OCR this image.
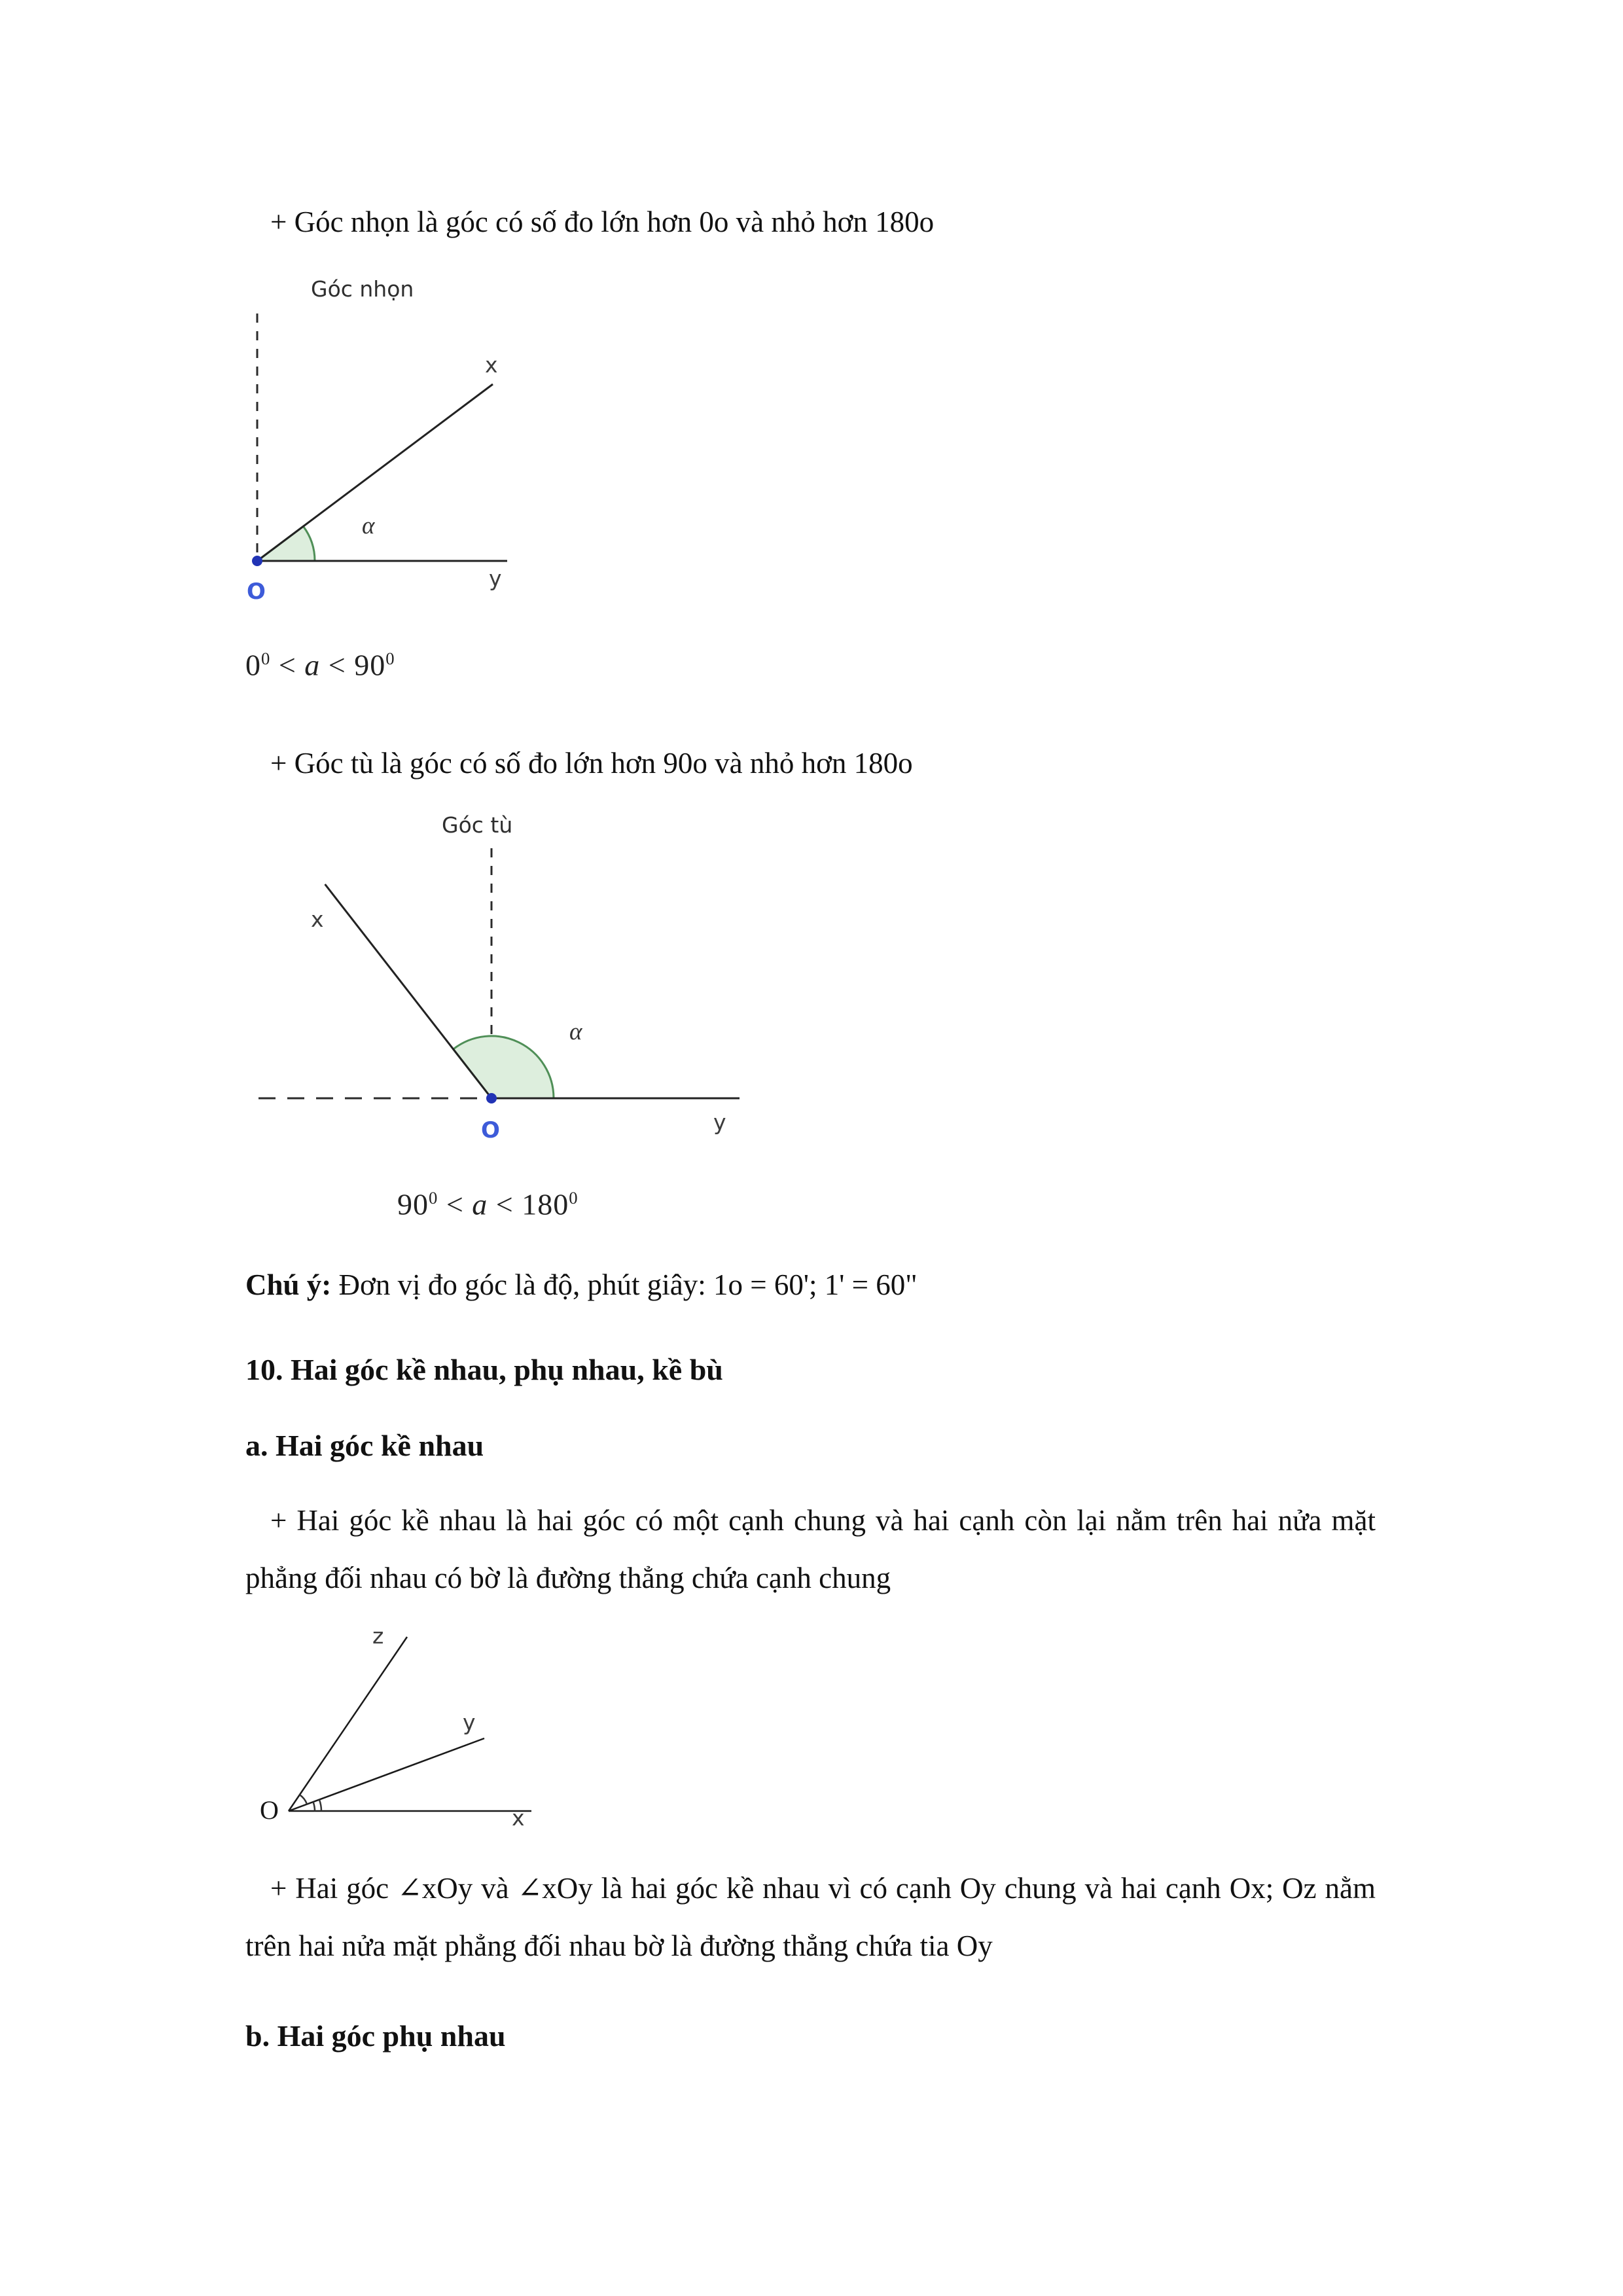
+ Góc nhọn là góc có số đo lớn hơn 0o và nhỏ hơn 180o

Góc nhọn
x
y
α
O
$0^0 < a < 90^0$

+ Góc tù là góc có số đo lớn hơn 90o và nhỏ hơn 180o

Góc tù
x
y
α
O
$90^0 < a < 180^0$

Chú ý: Đơn vị đo góc là độ, phút giây: 1o = 60'; 1' = 60"

10. Hai góc kề nhau, phụ nhau, kề bù
a. Hai góc kề nhau

+ Hai góc kề nhau là hai góc có một cạnh chung và hai cạnh còn lại nằm trên hai nửa mặt phẳng đối nhau có bờ là đường thẳng chứa cạnh chung

z
y
x
O

+ Hai góc ∠xOy và ∠xOy là hai góc kề nhau vì có cạnh Oy chung và hai cạnh Ox; Oz nằm trên hai nửa mặt phẳng đối nhau bờ là đường thẳng chứa tia Oy

b. Hai góc phụ nhau
